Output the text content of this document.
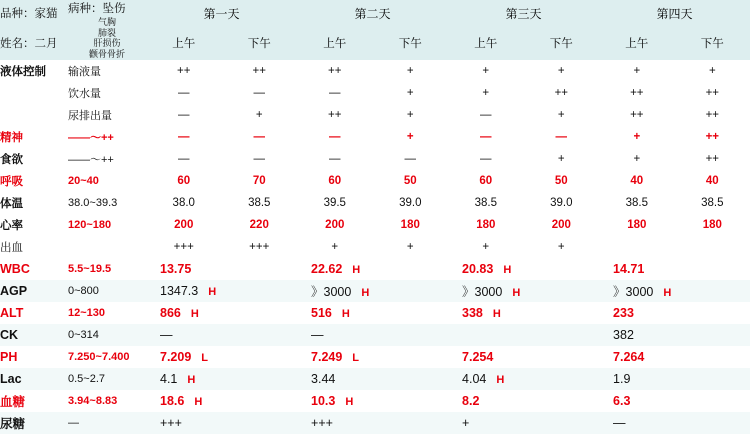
品种：家猫	病种：坠伤
气胸
肺裂
肝损伤
颧骨骨折	第一天		第二天		第三天		第四天	
姓名：二月		上午	下午	上午	下午	上午	下午	上午	下午
液体控制	输液量	++	++	++	+	+	+	+	+
	饮水量	—	—	—	+	+	++	++	++
	尿排出量	—	+	++	+	—	+	++	++
精神	——～++	—	—	—	+	—	—	+	++
食欲	——～++	—	—	—	—	—	+	+	++
呼吸	20~40	60	70	60	50	60	50	40	40
体温	38.0~39.3	38.0	38.5	39.5	39.0	38.5	39.0	38.5	38.5
心率	120~180	200	220	200	180	180	200	180	180
出血		+++	+++	+	+	+	+		
WBC	5.5~19.5	13.75		22.62 H		20.83 H		14.71	
AGP	0~800	1347.3 H		》3000 H		》3000 H		》3000 H	
ALT	12~130	866 H		516 H		338 H		233	
CK	0~314	—		—				382	
PH	7.250~7.400	7.209 L		7.249 L		7.254		7.264	
Lac	0.5~2.7	4.1 H		3.44		4.04 H		1.9	
血糖	3.94~8.83	18.6 H		10.3 H		8.2		6.3	
尿糖	—	+++		+++		+		—	
